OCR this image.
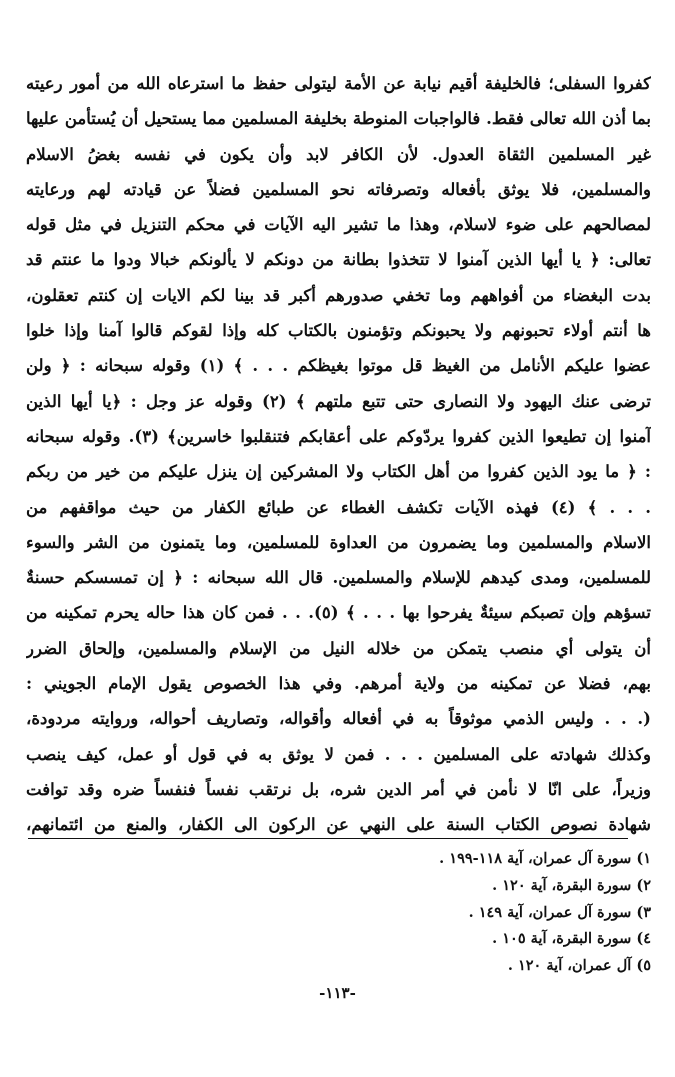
كفروا السفلى؛ فالخليفة أقيم نيابة عن الأمة ليتولى حفظ ما استرعاه الله من أمور رعيته
بما أذن الله تعالى فقط. فالواجبات المنوطة بخليفة المسلمين مما يستحيل أن يُستأمن عليها
غير المسلمين الثقاة العدول. لأن الكافر لابد وأن يكون في نفسه بغضُ الاسلام
والمسلمين، فلا يوثق بأفعاله وتصرفاته نحو المسلمين فضلاً عن قيادته لهم ورعايته
لمصالحهم على ضوء لاسلام، وهذا ما تشير اليه الآيات في محكم التنزيل في مثل قوله
تعالى: ﴿ يا أيها الذين آمنوا لا تتخذوا بطانة من دونكم لا يألونكم خبالا ودوا ما عنتم قد
بدت البغضاء من أفواههم وما تخفي صدورهم أكبر قد بينا لكم الايات إن كنتم تعقلون،
ها أنتم أولاء تحبونهم ولا يحبونكم وتؤمنون بالكتاب كله وإذا لقوكم قالوا آمنا وإذا خلوا
عضوا عليكم الأنامل من الغيظ قل موتوا بغيظكم . . . ﴾ (١) وقوله سبحانه : ﴿ ولن
ترضى عنك اليهود ولا النصارى حتى تتبع ملتهم ﴾ (٢) وقوله عز وجل : ﴿يا أيها الذين
آمنوا إن تطيعوا الذين كفروا يردّوكم على أعقابكم فتنقلبوا خاسرين﴾ (٣). وقوله سبحانه
: ﴿ ما يود الذين كفروا من أهل الكتاب ولا المشركين إن ينزل عليكم من خير من ربكم
. . . ﴾ (٤) فهذه الآيات تكشف الغطاء عن طبائع الكفار من حيث مواقفهم من
الاسلام والمسلمين وما يضمرون من العداوة للمسلمين، وما يتمنون من الشر والسوء
للمسلمين، ومدى كيدهم للإسلام والمسلمين. قال الله سبحانه : ﴿ إن تمسسكم حسنةٌ
تسؤهم وإن تصبكم سيئةٌ يفرحوا بها . . . ﴾ (٥). . . فمن كان هذا حاله يحرم تمكينه من
أن يتولى أي منصب يتمكن من خلاله النيل من الإسلام والمسلمين، وإلحاق الضرر
بهم، فضلا عن تمكينه من ولاية أمرهم. وفي هذا الخصوص يقول الإمام الجويني :
(. . . وليس الذمي موثوقاً به في أفعاله وأقواله، وتصاريف أحواله، وروايته مردودة،
وكذلك شهادته على المسلمين . . . فمن لا يوثق به في قول أو عمل، كيف ينصب
وزيراً، على انّا لا نأمن في أمر الدين شره، بل نرتقب نفساً فنفساً ضره وقد توافت
شهادة نصوص الكتاب السنة على النهي عن الركون الى الكفار، والمنع من ائتمانهم،
١) سورة آل عمران، آية ١١٨-١٩٩ .
٢) سورة البقرة، آية ١٢٠ .
٣) سورة آل عمران، آية ١٤٩ .
٤) سورة البقرة، آية ١٠٥ .
٥) آل عمران، آية ١٢٠ .
-١١٣-
